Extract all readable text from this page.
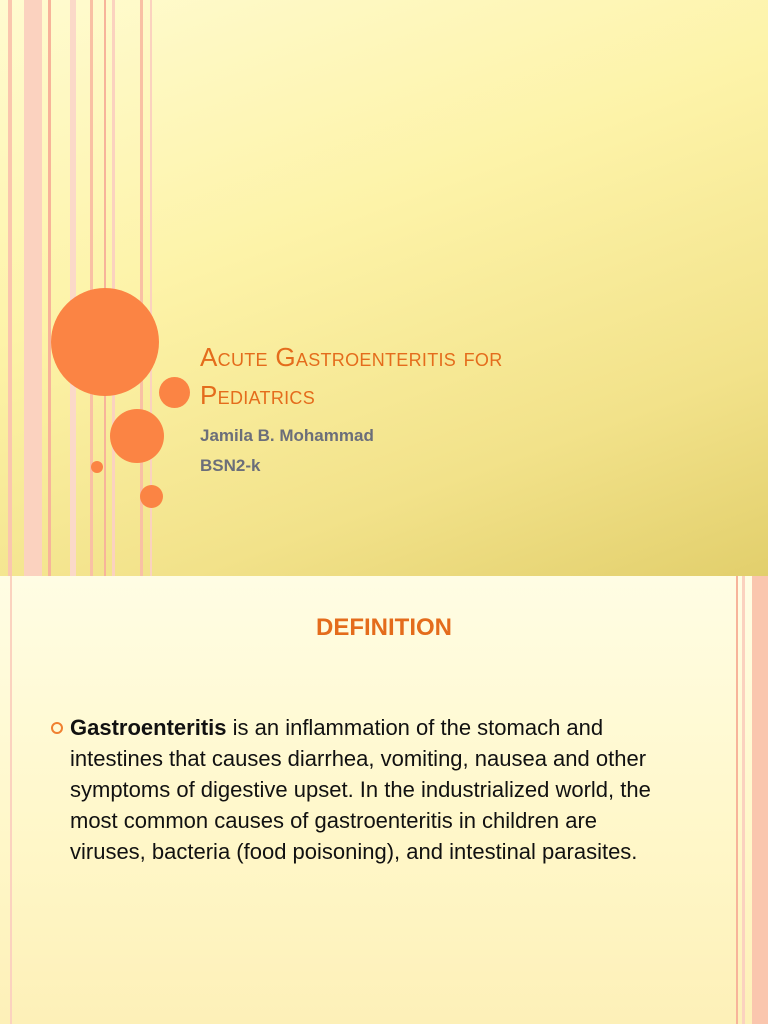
Acute Gastroenteritis for
Pediatrics
Jamila B. Mohammad
BSN2-k
DEFINITION
Gastroenteritis is an inflammation of the stomach and intestines that causes diarrhea, vomiting, nausea and other symptoms of digestive upset. In the industrialized world, the most common causes of gastroenteritis in children are viruses, bacteria (food poisoning), and intestinal parasites.
